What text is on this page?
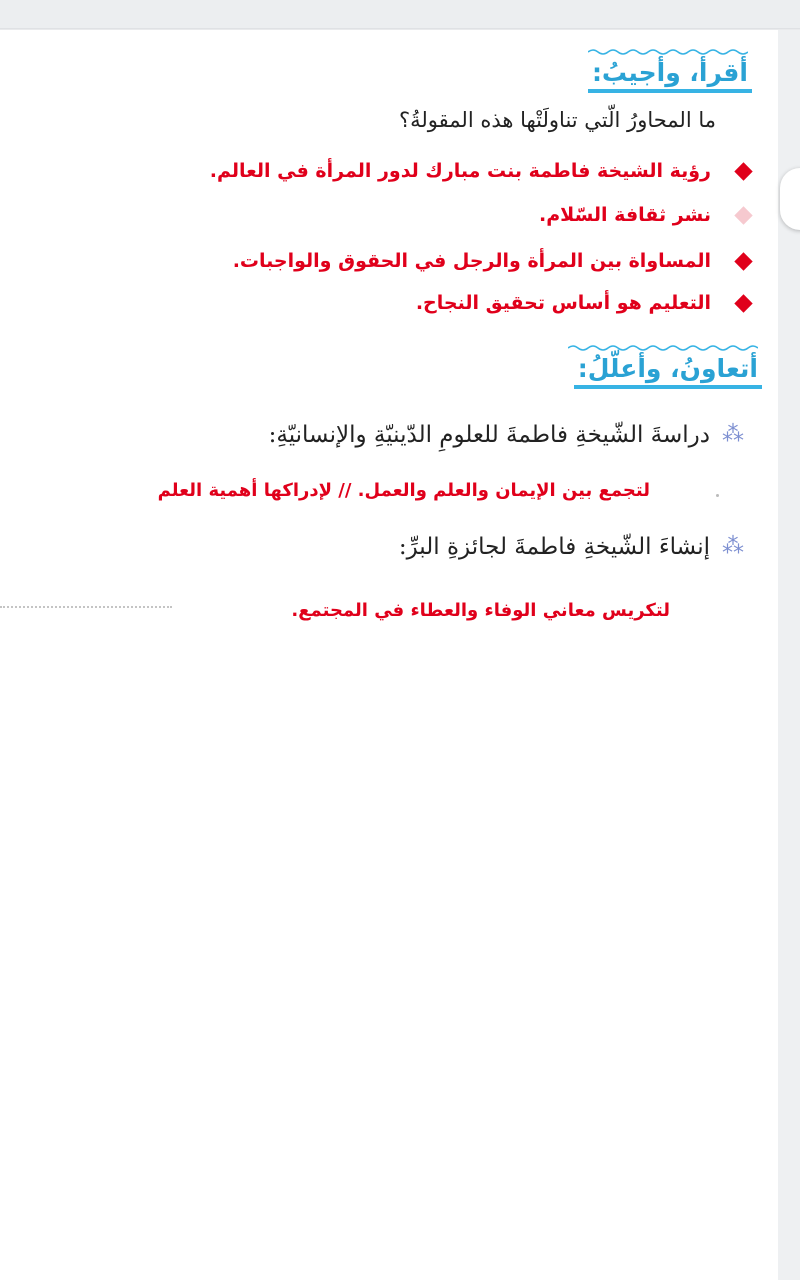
أقرأ، وأجيبُ:
ما المحاورُ الّتي تناولَتْها هذه المقولةُ؟
رؤية الشيخة فاطمة بنت مبارك لدور المرأة في العالم.
نشر ثقافة السّلام.
المساواة بين المرأة والرجل في الحقوق والواجبات.
التعليم هو أساس تحقيق النجاح.
أتعاونُ، وأعلّلُ:
⁂
دراسةَ الشّيخةِ فاطمةَ للعلومِ الدّينيّةِ والإنسانيّةِ:
لتجمع بين الإيمان والعلم والعمل. // لإدراكها أهمية العلم
⁂
إنشاءَ الشّيخةِ فاطمةَ لجائزةِ البرِّ:
لتكريس معاني الوفاء والعطاء في المجتمع.
